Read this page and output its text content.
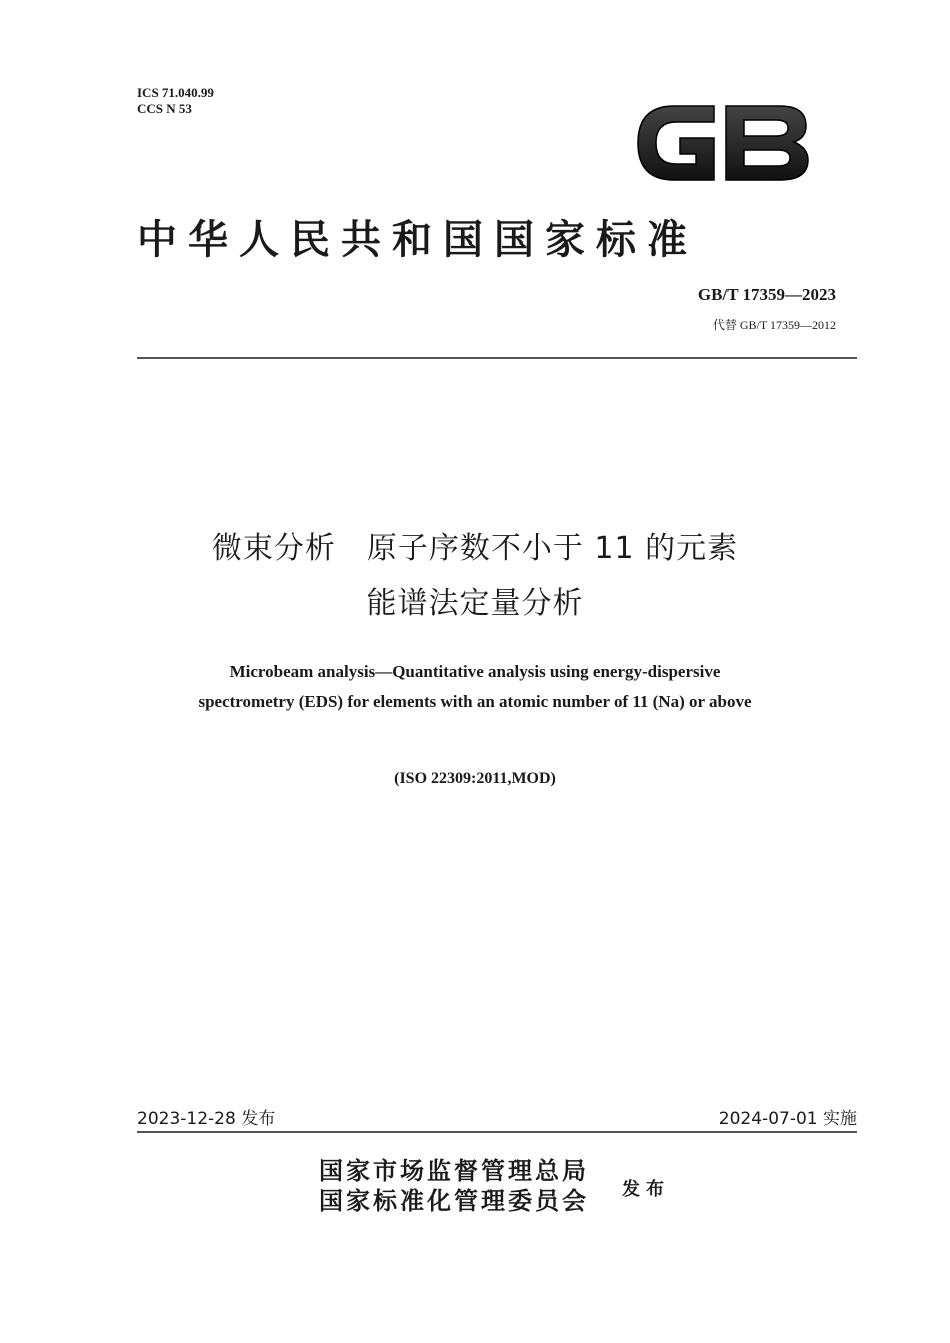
ICS 71.040.99
CCS N 53
中华人民共和国国家标准
GB/T 17359—2023
代替 GB/T 17359—2012
微束分析　原子序数不小于 11 的元素
能谱法定量分析
Microbeam analysis—Quantitative analysis using energy-dispersive
spectrometry (EDS) for elements with an atomic number of 11 (Na) or above
(ISO 22309:2011,MOD)
2023-12-28 发布	2024-07-01 实施
国家市场监督管理总局
国家标准化管理委员会 发布
